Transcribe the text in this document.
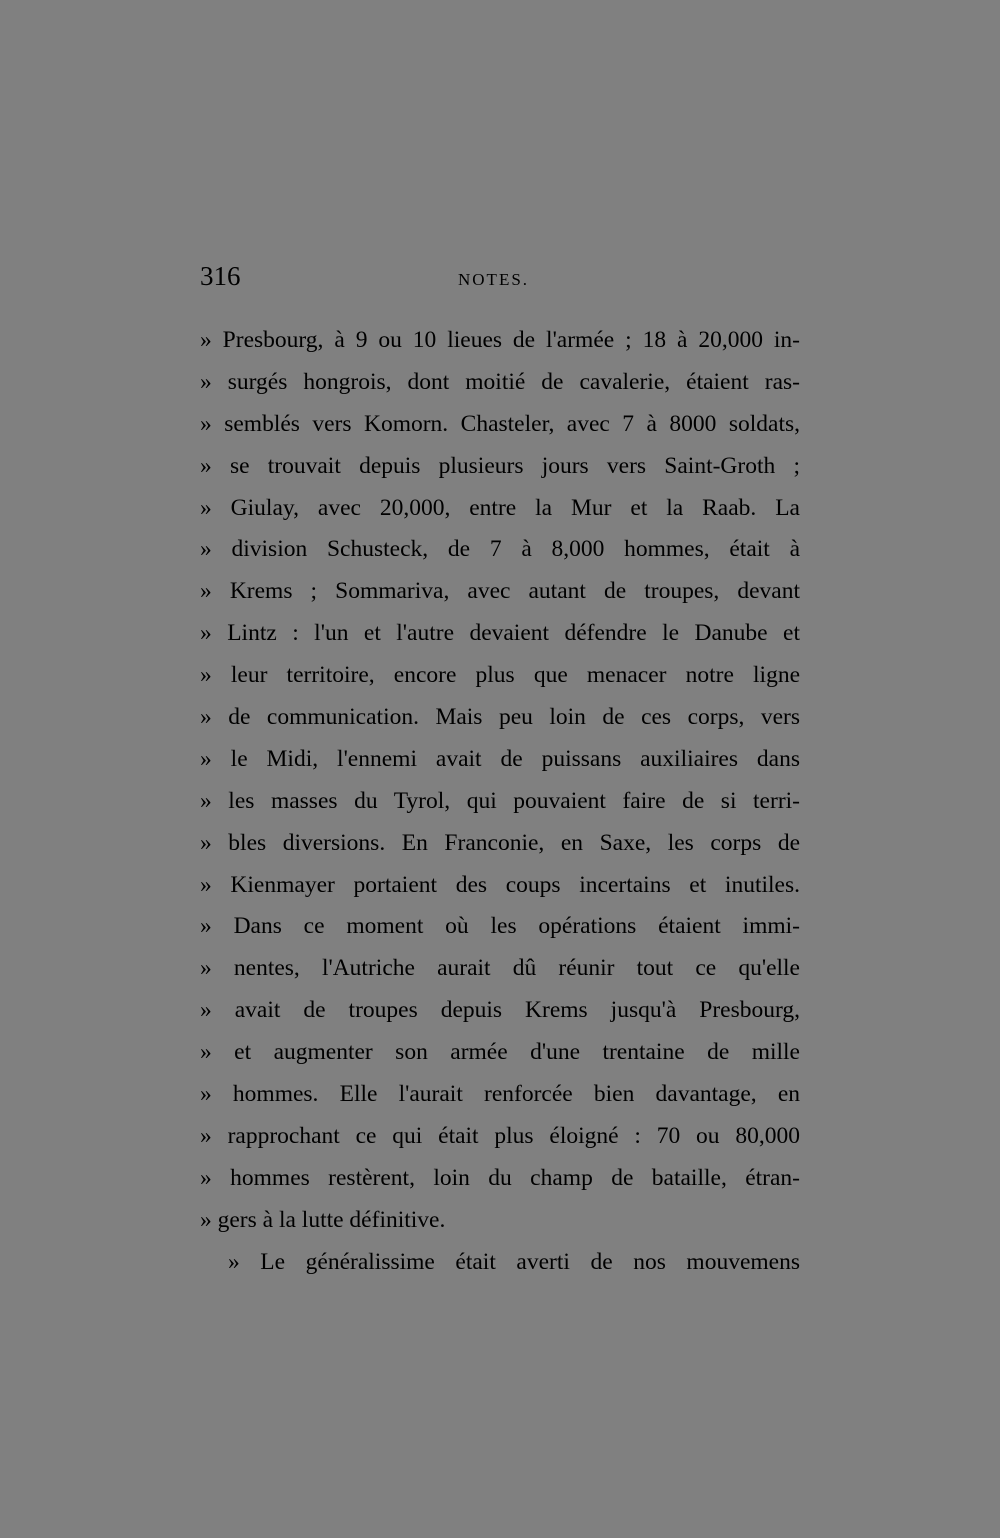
316	NOTES.
» Presbourg, à 9 ou 10 lieues de l'armée ; 18 à 20,000 in-
» surgés hongrois, dont moitié de cavalerie, étaient ras-
» semblés vers Komorn. Chasteler, avec 7 à 8000 soldats,
» se trouvait depuis plusieurs jours vers Saint-Groth ;
» Giulay, avec 20,000, entre la Mur et la Raab. La
» division Schusteck, de 7 à 8,000 hommes, était à
» Krems ; Sommariva, avec autant de troupes, devant
» Lintz : l'un et l'autre devaient défendre le Danube et
» leur territoire, encore plus que menacer notre ligne
» de communication. Mais peu loin de ces corps, vers
» le Midi, l'ennemi avait de puissans auxiliaires dans
» les masses du Tyrol, qui pouvaient faire de si terri-
» bles diversions. En Franconie, en Saxe, les corps de
» Kienmayer portaient des coups incertains et inutiles.
» Dans ce moment où les opérations étaient immi-
» nentes, l'Autriche aurait dû réunir tout ce qu'elle
» avait de troupes depuis Krems jusqu'à Presbourg,
» et augmenter son armée d'une trentaine de mille
» hommes. Elle l'aurait renforcée bien davantage, en
» rapprochant ce qui était plus éloigné : 70 ou 80,000
» hommes restèrent, loin du champ de bataille, étran-
» gers à la lutte définitive.
» Le généralissime était averti de nos mouvemens
